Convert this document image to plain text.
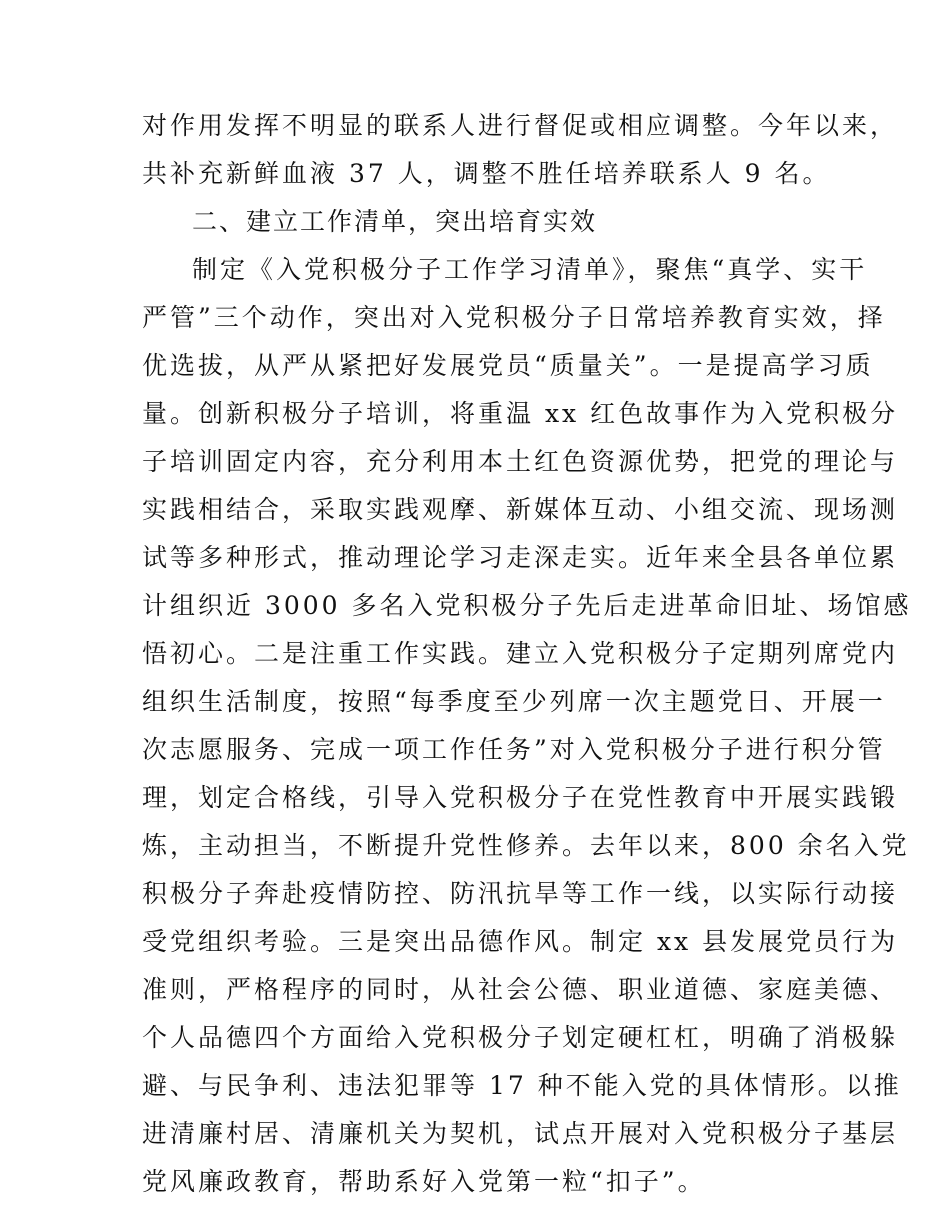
对作用发挥不明显的联系人进行督促或相应调整。今年以来，
共补充新鲜血液 37 人，调整不胜任培养联系人 9 名。
二、建立工作清单，突出培育实效
制定《入党积极分子工作学习清单》，聚焦“真学、实干
严管”三个动作，突出对入党积极分子日常培养教育实效，择
优选拔，从严从紧把好发展党员“质量关”。一是提高学习质
量。创新积极分子培训，将重温 xx 红色故事作为入党积极分
子培训固定内容，充分利用本土红色资源优势，把党的理论与
实践相结合，采取实践观摩、新媒体互动、小组交流、现场测
试等多种形式，推动理论学习走深走实。近年来全县各单位累
计组织近 3000 多名入党积极分子先后走进革命旧址、场馆感
悟初心。二是注重工作实践。建立入党积极分子定期列席党内
组织生活制度，按照“每季度至少列席一次主题党日、开展一
次志愿服务、完成一项工作任务”对入党积极分子进行积分管
理，划定合格线，引导入党积极分子在党性教育中开展实践锻
炼，主动担当，不断提升党性修养。去年以来，800 余名入党
积极分子奔赴疫情防控、防汛抗旱等工作一线，以实际行动接
受党组织考验。三是突出品德作风。制定 xx 县发展党员行为
准则，严格程序的同时，从社会公德、职业道德、家庭美德、
个人品德四个方面给入党积极分子划定硬杠杠，明确了消极躲
避、与民争利、违法犯罪等 17 种不能入党的具体情形。以推
进清廉村居、清廉机关为契机，试点开展对入党积极分子基层
党风廉政教育，帮助系好入党第一粒“扣子”。
